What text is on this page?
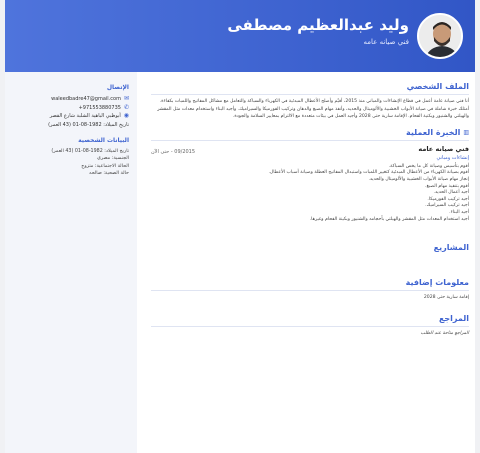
وليد عبدالعظيم مصطفى
فني صيانه عامه
الإتصال
✉
waleedbadre47@gmail.com
✆
+971553880735
◉
أبوظبي الباهية الشلبة شارع القصر
تاريخ الميلاد: 1982-08-01 (43 العمر)
البيانات الشخصية
تاريخ الميلاد: 1982-08-01 (43 العمر)
الجنسية: مصري
الحالة الاجتماعية: متزوج
حالة الصحية: صالحه
الملف الشخصي
أنا فني صيانة عامة أعمل في قطاع الإنشاءات والمباني منذ 2015، أقيّم وأصلح الأعطال المبدئية في الكهرباء والسباكة والتعامل مع مشاكل المفاتيح واللمبات بكفاءة. أمتلك خبرة شاملة في صيانة الأبواب الخشبية والألوميتال والحديد، وأنفذ مهام الصبغ والدهان وتركيب الفورميكا والسيراميك. وأجيد البناء واستخدام معدات مثل المقشر والهيلتي والشنيور وبكنية الفحام. الإقامة سارية حتى 2028 وأجيد العمل في بيئات متعددة مع الالتزام بمعايير السلامة والجودة.
▥
الخبرة العملية
09/2015 - حتى الآن	فني صيانه عامه
إنشاءات ومباني
أقوم بتأسيس وصيانة كل ما يخص السباكة.
أقوم بصيانة الكهرباء من الأعطال المبدئية كتغيير اللمبات واستبدال المفاتيح العطلة وصيانة أسباب الأعطال.
إنجاز مهام صيانة الأبواب الخشبية والألوميتال والحديد.
أقوم بتنفيذ مهام الصبغ.
أجيد أعمال الحديد.
أجيد تركيب الفورميكا.
أجيد تركيب السيراميك.
أجيد البناء.
أجيد استخدام المعدات مثل المقشر والهيلتي بأحجامه والشنيور وبكينة الفحام وغيرها.
المشاريع
معلومات إضافية
إقامة سارية حتى 2028
المراجع
المراجع متاحة عند الطلب
